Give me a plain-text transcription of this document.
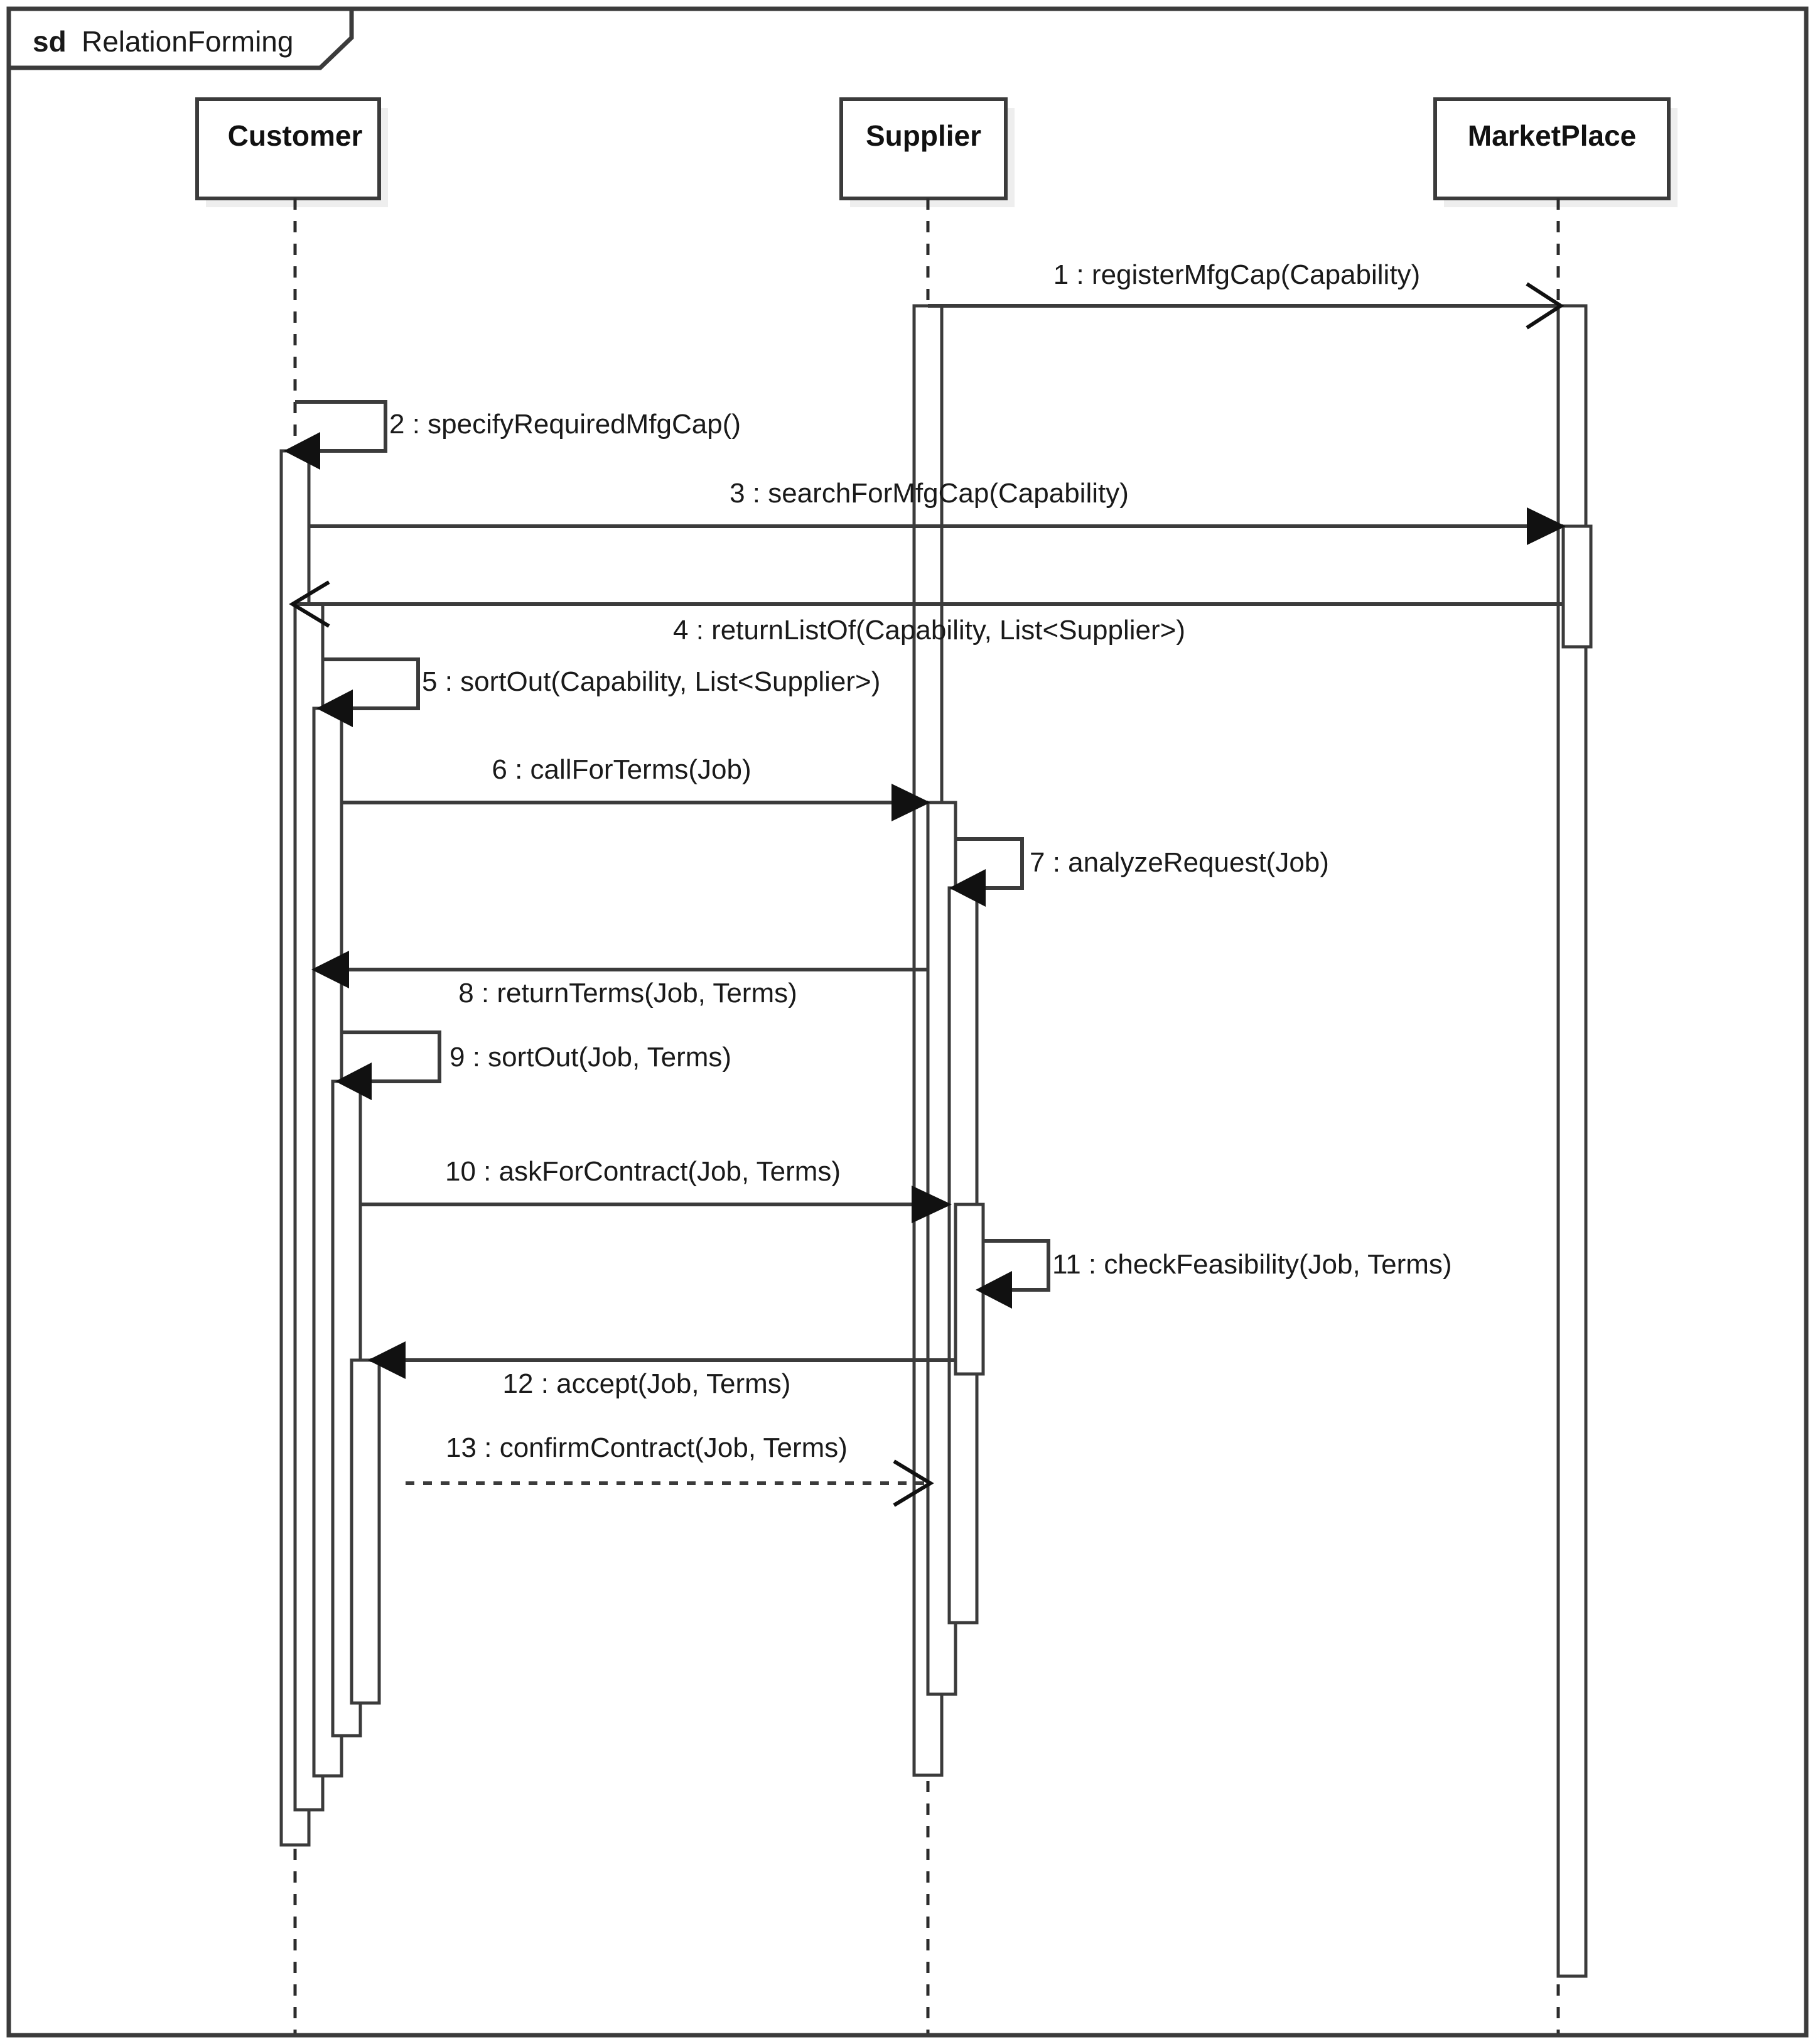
sd RelationForming
Customer	Supplier	MarketPlace
1 : registerMfgCap(Capability)
2 : specifyRequiredMfgCap()
3 : searchForMfgCap(Capability)
4 : returnListOf(Capability, List<Supplier>)
5 : sortOut(Capability, List<Supplier>)
6 : callForTerms(Job)
7 : analyzeRequest(Job)
8 : returnTerms(Job, Terms)
9 : sortOut(Job, Terms)
10 : askForContract(Job, Terms)
11 : checkFeasibility(Job, Terms)
12 : accept(Job, Terms)
13 : confirmContract(Job, Terms)
